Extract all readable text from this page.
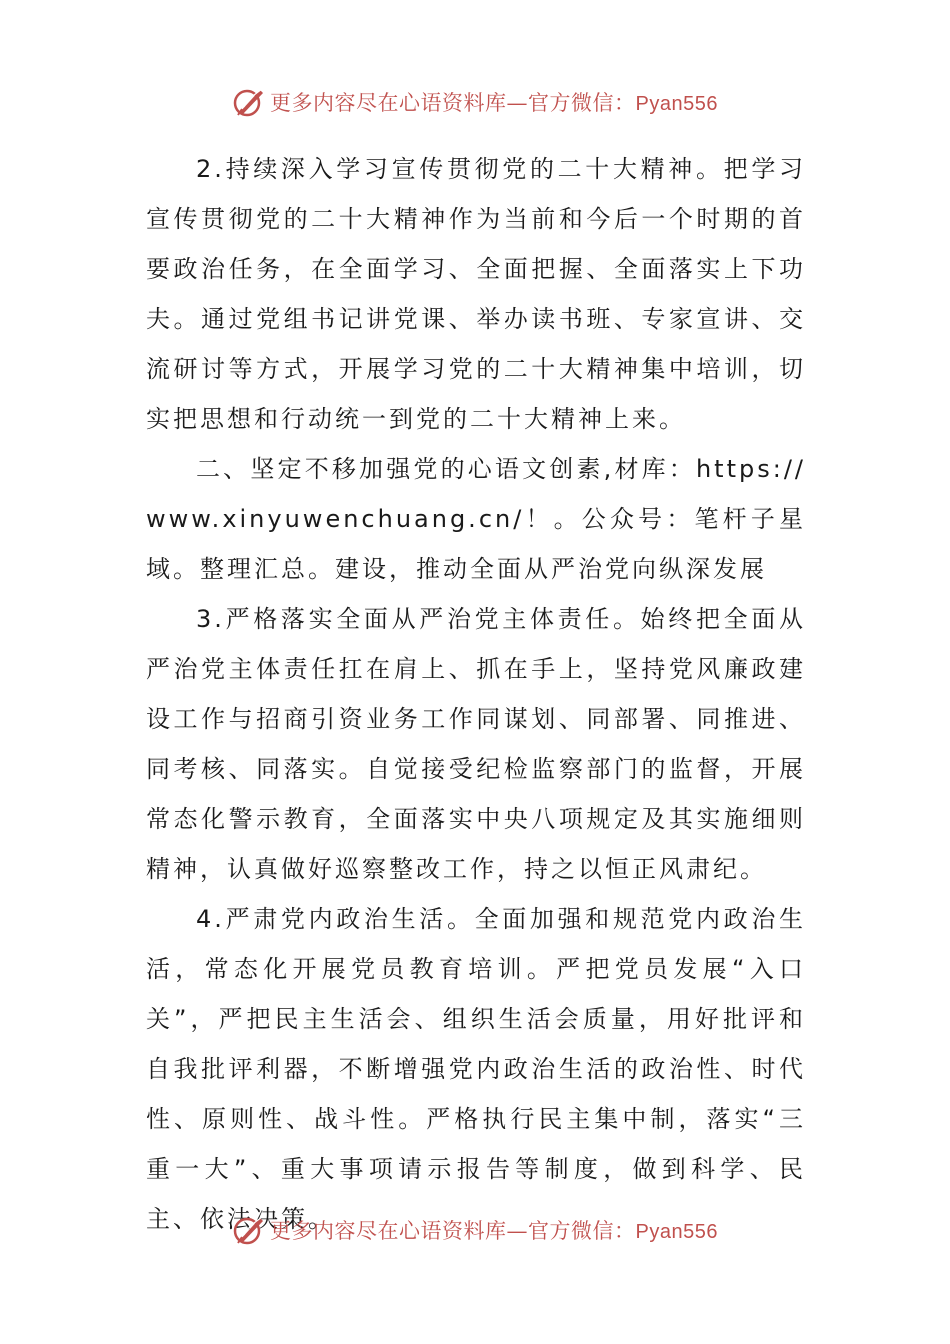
更多内容尽在心语资料库—官方微信：Pyan556

2.持续深入学习宣传贯彻党的二十大精神。把学习宣传贯彻党的二十大精神作为当前和今后一个时期的首要政治任务，在全面学习、全面把握、全面落实上下功夫。通过党组书记讲党课、举办读书班、专家宣讲、交流研讨等方式，开展学习党的二十大精神集中培训，切实把思想和行动统一到党的二十大精神上来。

二、坚定不移加强党的心语文创素,材库：https://www.xinyuwenchuang.cn/！。公众号：笔杆子星域。整理汇总。建设，推动全面从严治党向纵深发展

3.严格落实全面从严治党主体责任。始终把全面从严治党主体责任扛在肩上、抓在手上，坚持党风廉政建设工作与招商引资业务工作同谋划、同部署、同推进、同考核、同落实。自觉接受纪检监察部门的监督，开展常态化警示教育，全面落实中央八项规定及其实施细则精神，认真做好巡察整改工作，持之以恒正风肃纪。

4.严肃党内政治生活。全面加强和规范党内政治生活，常态化开展党员教育培训。严把党员发展“入口关”，严把民主生活会、组织生活会质量，用好批评和自我批评利器，不断增强党内政治生活的政治性、时代性、原则性、战斗性。严格执行民主集中制，落实“三重一大”、重大事项请示报告等制度，做到科学、民主、依法决策。

更多内容尽在心语资料库—官方微信：Pyan556
